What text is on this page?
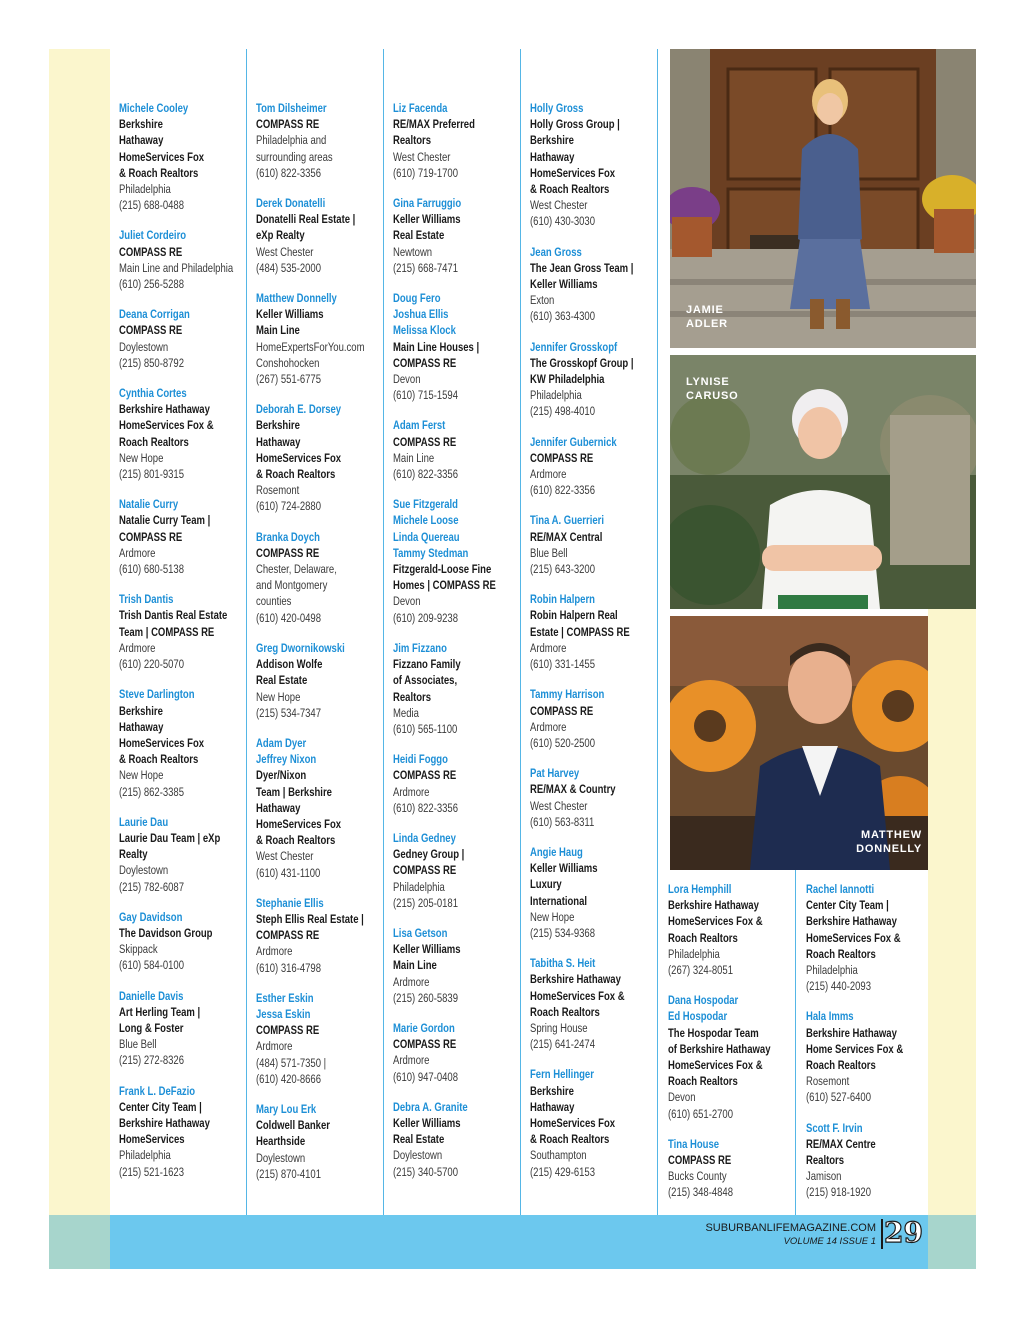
Michele Cooley
Berkshire
Hathaway
HomeServices Fox
& Roach Realtors
Philadelphia
(215) 688-0488
Juliet Cordeiro
COMPASS RE
Main Line and Philadelphia
(610) 256-5288
Deana Corrigan
COMPASS RE
Doylestown
(215) 850-8792
Cynthia Cortes
Berkshire Hathaway
HomeServices Fox &
Roach Realtors
New Hope
(215) 801-9315
Natalie Curry
Natalie Curry Team |
COMPASS RE
Ardmore
(610) 680-5138
Trish Dantis
Trish Dantis Real Estate
Team | COMPASS RE
Ardmore
(610) 220-5070
Steve Darlington
Berkshire
Hathaway
HomeServices Fox
& Roach Realtors
New Hope
(215) 862-3385
Laurie Dau
Laurie Dau Team | eXp
Realty
Doylestown
(215) 782-6087
Gay Davidson
The Davidson Group
Skippack
(610) 584-0100
Danielle Davis
Art Herling Team |
Long & Foster
Blue Bell
(215) 272-8326
Frank L. DeFazio
Center City Team |
Berkshire Hathaway
HomeServices
Philadelphia
(215) 521-1623
Tom Dilsheimer
COMPASS RE
Philadelphia and
surrounding areas
(610) 822-3356
Derek Donatelli
Donatelli Real Estate |
eXp Realty
West Chester
(484) 535-2000
Matthew Donnelly
Keller Williams
Main Line
HomeExpertsForYou.com
Conshohocken
(267) 551-6775
Deborah E. Dorsey
Berkshire
Hathaway
HomeServices Fox
& Roach Realtors
Rosemont
(610) 724-2880
Branka Doych
COMPASS RE
Chester, Delaware,
and Montgomery
counties
(610) 420-0498
Greg Dwornikowski
Addison Wolfe
Real Estate
New Hope
(215) 534-7347
Adam Dyer
Jeffrey Nixon
Dyer/Nixon
Team | Berkshire
Hathaway
HomeServices Fox
& Roach Realtors
West Chester
(610) 431-1100
Stephanie Ellis
Steph Ellis Real Estate |
COMPASS RE
Ardmore
(610) 316-4798
Esther Eskin
Jessa Eskin
COMPASS RE
Ardmore
(484) 571-7350 |
(610) 420-8666
Mary Lou Erk
Coldwell Banker
Hearthside
Doylestown
(215) 870-4101
Liz Facenda
RE/MAX Preferred
Realtors
West Chester
(610) 719-1700
Gina Farruggio
Keller Williams
Real Estate
Newtown
(215) 668-7471
Doug Fero
Joshua Ellis
Melissa Klock
Main Line Houses |
COMPASS RE
Devon
(610) 715-1594
Adam Ferst
COMPASS RE
Main Line
(610) 822-3356
Sue Fitzgerald
Michele Loose
Linda Quereau
Tammy Stedman
Fitzgerald-Loose Fine
Homes | COMPASS RE
Devon
(610) 209-9238
Jim Fizzano
Fizzano Family
of Associates,
Realtors
Media
(610) 565-1100
Heidi Foggo
COMPASS RE
Ardmore
(610) 822-3356
Linda Gedney
Gedney Group |
COMPASS RE
Philadelphia
(215) 205-0181
Lisa Getson
Keller Williams
Main Line
Ardmore
(215) 260-5839
Marie Gordon
COMPASS RE
Ardmore
(610) 947-0408
Debra A. Granite
Keller Williams
Real Estate
Doylestown
(215) 340-5700
Holly Gross
Holly Gross Group |
Berkshire
Hathaway
HomeServices Fox
& Roach Realtors
West Chester
(610) 430-3030
Jean Gross
The Jean Gross Team |
Keller Williams
Exton
(610) 363-4300
Jennifer Grosskopf
The Grosskopf Group |
KW Philadelphia
Philadelphia
(215) 498-4010
Jennifer Gubernick
COMPASS RE
Ardmore
(610) 822-3356
Tina A. Guerrieri
RE/MAX Central
Blue Bell
(215) 643-3200
Robin Halpern
Robin Halpern Real
Estate | COMPASS RE
Ardmore
(610) 331-1455
Tammy Harrison
COMPASS RE
Ardmore
(610) 520-2500
Pat Harvey
RE/MAX & Country
West Chester
(610) 563-8311
Angie Haug
Keller Williams
Luxury
International
New Hope
(215) 534-9368
Tabitha S. Heit
Berkshire Hathaway
HomeServices Fox &
Roach Realtors
Spring House
(215) 641-2474
Fern Hellinger
Berkshire
Hathaway
HomeServices Fox
& Roach Realtors
Southampton
(215) 429-6153
Lora Hemphill
Berkshire Hathaway
HomeServices Fox &
Roach Realtors
Philadelphia
(267) 324-8051
Dana Hospodar
Ed Hospodar
The Hospodar Team
of Berkshire Hathaway
HomeServices Fox &
Roach Realtors
Devon
(610) 651-2700
Tina House
COMPASS RE
Bucks County
(215) 348-4848
Rachel Iannotti
Center City Team |
Berkshire Hathaway
HomeServices Fox &
Roach Realtors
Philadelphia
(215) 440-2093
Hala Imms
Berkshire Hathaway
Home Services Fox &
Roach Realtors
Rosemont
(610) 527-6400
Scott F. Irvin
RE/MAX Centre
Realtors
Jamison
(215) 918-1920
JAMIE ADLER
LYNISE CARUSO
MATTHEW DONNELLY
SUBURBANLIFEMAGAZINE.COM
VOLUME 14 ISSUE 1 29
